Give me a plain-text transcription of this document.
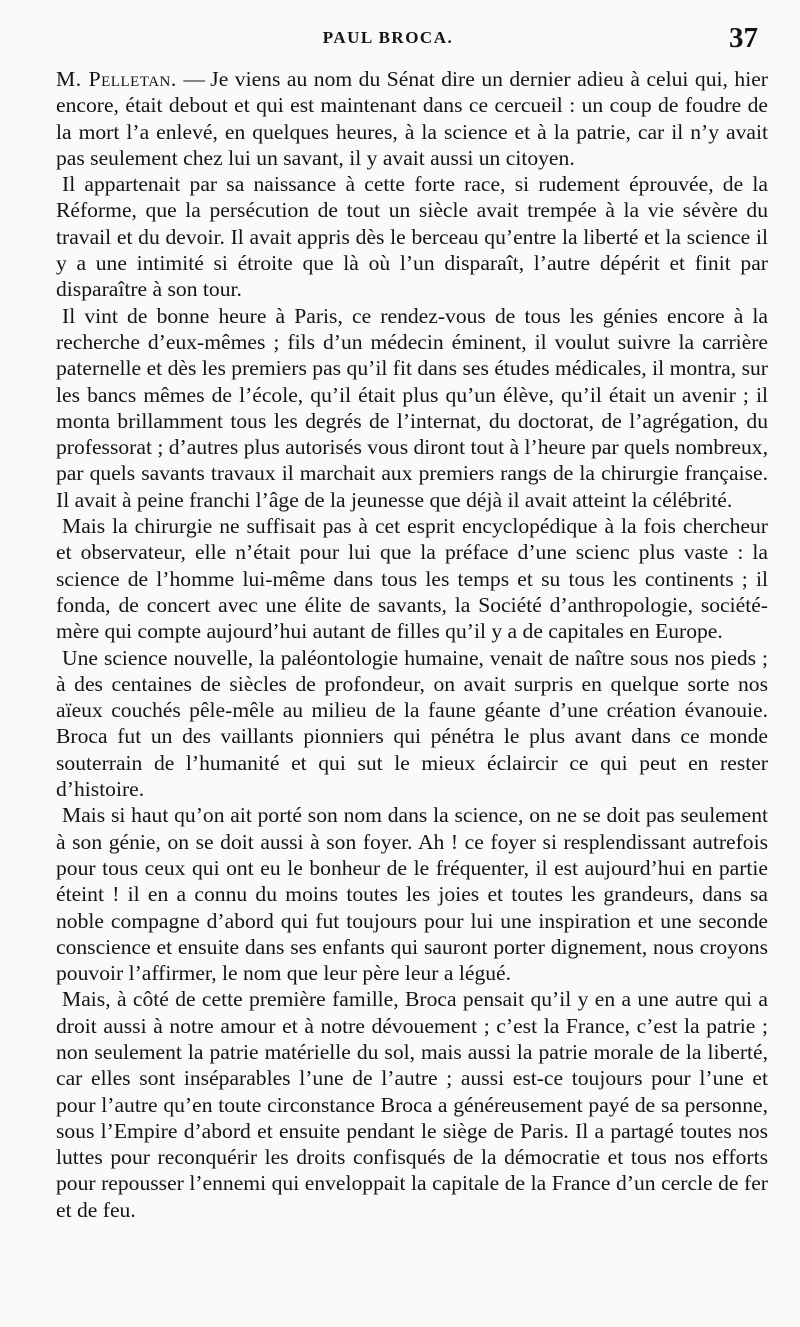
PAUL BROCA.	37

M. Pelletan. — Je viens au nom du Sénat dire un dernier adieu à celui qui, hier encore, était debout et qui est maintenant dans ce cercueil : un coup de foudre de la mort l’a enlevé, en quelques heures, à la science et à la patrie, car il n’y avait pas seulement chez lui un savant, il y avait aussi un citoyen.

Il appartenait par sa naissance à cette forte race, si rudement éprouvée, de la Réforme, que la persécution de tout un siècle avait trempée à la vie sévère du travail et du devoir. Il avait appris dès le berceau qu’entre la liberté et la science il y a une intimité si étroite que là où l’un disparaît, l’autre dépérit et finit par disparaître à son tour.

Il vint de bonne heure à Paris, ce rendez-vous de tous les génies encore à la recherche d’eux-mêmes ; fils d’un médecin éminent, il voulut suivre la carrière paternelle et dès les premiers pas qu’il fit dans ses études médicales, il montra, sur les bancs mêmes de l’école, qu’il était plus qu’un élève, qu’il était un avenir ; il monta brillamment tous les degrés de l’internat, du doctorat, de l’agrégation, du professorat ; d’autres plus autorisés vous diront tout à l’heure par quels nombreux, par quels savants travaux il marchait aux premiers rangs de la chirurgie française. Il avait à peine franchi l’âge de la jeunesse que déjà il avait atteint la célébrité.

Mais la chirurgie ne suffisait pas à cet esprit encyclopédique à la fois chercheur et observateur, elle n’était pour lui que la préface d’une scienc plus vaste : la science de l’homme lui-même dans tous les temps et su tous les continents ; il fonda, de concert avec une élite de savants, la Société d’anthropologie, société-mère qui compte aujourd’hui autant de filles qu’il y a de capitales en Europe.

Une science nouvelle, la paléontologie humaine, venait de naître sous nos pieds ; à des centaines de siècles de profondeur, on avait surpris en quelque sorte nos aïeux couchés pêle-mêle au milieu de la faune géante d’une création évanouie. Broca fut un des vaillants pionniers qui pénétra le plus avant dans ce monde souterrain de l’humanité et qui sut le mieux éclaircir ce qui peut en rester d’histoire.

Mais si haut qu’on ait porté son nom dans la science, on ne se doit pas seulement à son génie, on se doit aussi à son foyer. Ah ! ce foyer si resplendissant autrefois pour tous ceux qui ont eu le bonheur de le fréquenter, il est aujourd’hui en partie éteint ! il en a connu du moins toutes les joies et toutes les grandeurs, dans sa noble compagne d’abord qui fut toujours pour lui une inspiration et une seconde conscience et ensuite dans ses enfants qui sauront porter dignement, nous croyons pouvoir l’affirmer, le nom que leur père leur a légué.

Mais, à côté de cette première famille, Broca pensait qu’il y en a une autre qui a droit aussi à notre amour et à notre dévouement ; c’est la France, c’est la patrie ; non seulement la patrie matérielle du sol, mais aussi la patrie morale de la liberté, car elles sont inséparables l’une de l’autre ; aussi est-ce toujours pour l’une et pour l’autre qu’en toute circonstance Broca a généreusement payé de sa personne, sous l’Empire d’abord et ensuite pendant le siège de Paris. Il a partagé toutes nos luttes pour reconquérir les droits confisqués de la démocratie et tous nos efforts pour repousser l’ennemi qui enveloppait la capitale de la France d’un cercle de fer et de feu.
